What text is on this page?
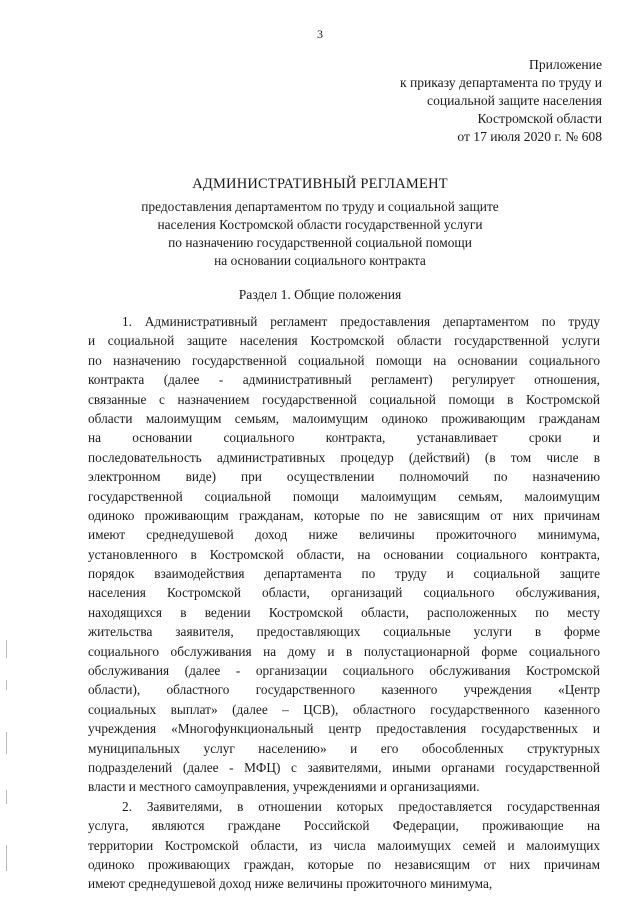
3
Приложение
к приказу департамента по труду и
социальной защите населения
Костромской области
от 17 июля 2020 г. № 608
АДМИНИСТРАТИВНЫЙ РЕГЛАМЕНТ
предоставления департаментом по труду и социальной защите
населения Костромской области государственной услуги
по назначению государственной социальной помощи
на основании социального контракта
Раздел 1. Общие положения
1. Административный регламент предоставления департаментом по труду
и социальной защите населения Костромской области государственной услуги
по назначению государственной социальной помощи на основании социального
контракта (далее - административный регламент) регулирует отношения,
связанные с назначением государственной социальной помощи в Костромской
области малоимущим семьям, малоимущим одиноко проживающим гражданам
на основании социального контракта, устанавливает сроки и
последовательность административных процедур (действий) (в том числе в
электронном виде) при осуществлении полномочий по назначению
государственной социальной помощи малоимущим семьям, малоимущим
одиноко проживающим гражданам, которые по не зависящим от них причинам
имеют среднедушевой доход ниже величины прожиточного минимума,
установленного в Костромской области, на основании социального контракта,
порядок взаимодействия департамента по труду и социальной защите
населения Костромской области, организаций социального обслуживания,
находящихся в ведении Костромской области, расположенных по месту
жительства заявителя, предоставляющих социальные услуги в форме
социального обслуживания на дому и в полустационарной форме социального
обслуживания (далее - организации социального обслуживания Костромской
области), областного государственного казенного учреждения «Центр
социальных выплат» (далее – ЦСВ), областного государственного казенного
учреждения «Многофункциональный центр предоставления государственных и
муниципальных услуг населению» и его обособленных структурных
подразделений (далее - МФЦ) с заявителями, иными органами государственной
власти и местного самоуправления, учреждениями и организациями.
2. Заявителями, в отношении которых предоставляется государственная
услуга, являются граждане Российской Федерации, проживающие на
территории Костромской области, из числа малоимущих семей и малоимущих
одиноко проживающих граждан, которые по независящим от них причинам
имеют среднедушевой доход ниже величины прожиточного минимума,
